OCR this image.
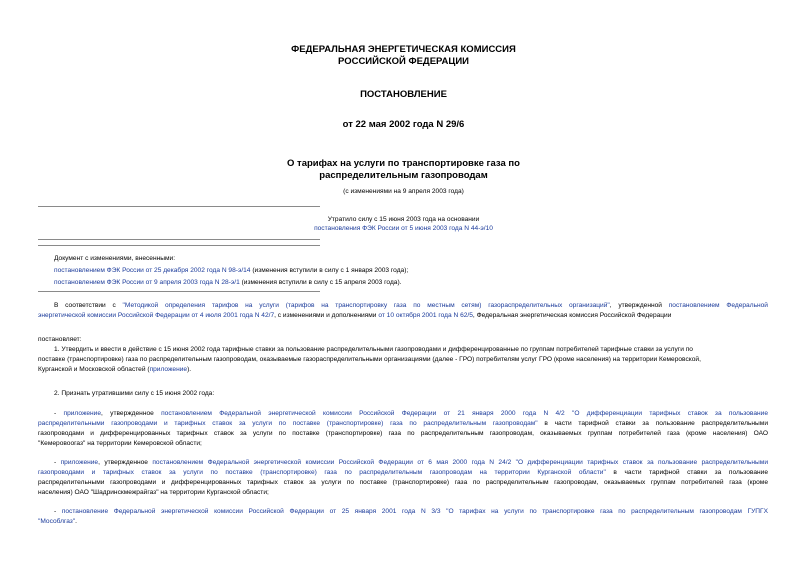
ФЕДЕРАЛЬНАЯ ЭНЕРГЕТИЧЕСКАЯ КОМИССИЯ
РОССИЙСКОЙ ФЕДЕРАЦИИ
ПОСТАНОВЛЕНИЕ
от 22 мая 2002 года N 29/6
О тарифах на услуги по транспортировке газа по
распределительным газопроводам
(с изменениями на 9 апреля 2003 года)
Утратило силу с 15 июня 2003 года на основании
постановления ФЭК России от 5 июня 2003 года N 44-э/10
Документ с изменениями, внесенными:
постановлением ФЭК России от 25 декабря 2002 года N 98-э/14 (изменения вступили в силу с 1 января 2003 года);
постановлением ФЭК России от 9 апреля 2003 года N 28-э/1 (изменения вступили в силу с 15 апреля 2003 года).
В соответствии с "Методикой определения тарифов на услуги (тарифов на транспортировку газа по местным сетям) газораспределительных организаций", утвержденной постановлением Федеральной
энергетической комиссии Российской Федерации от 4 июля 2001 года N 42/7, с изменениями и дополнениями от 10 октября 2001 года N 62/5, Федеральная энергетическая комиссия Российской Федерации
постановляет:
1. Утвердить и ввести в действие с 15 июня 2002 года тарифные ставки за пользование распределительными газопроводами и дифференцированные по группам потребителей тарифные ставки за услуги по
поставке (транспортировке) газа по распределительным газопроводам, оказываемые газораспределительными организациями (далее - ГРО) потребителям услуг ГРО (кроме населения) на территории Кемеровской,
Курганской и Московской областей (приложение).
2. Признать утратившими силу с 15 июня 2002 года:
- приложение, утвержденное постановлением Федеральной энергетической комиссии Российской Федерации от 21 января 2000 года N 4/2 "О дифференциации тарифных ставок за пользование
распределительными газопроводами и тарифных ставок за услуги по поставке (транспортировке) газа по распределительным газопроводам" в части тарифной ставки за пользование распределительными
газопроводами и дифференцированных тарифных ставок за услуги по поставке (транспортировке) газа по распределительным газопроводам, оказываемых группам потребителей газа (кроме населения) ОАО
"Кемеровоогаз" на территории Кемеровской области;
- приложение, утвержденное постановлением Федеральной энергетической комиссии Российской Федерации от 6 мая 2000 года N 24/2 "О дифференциации тарифных ставок за пользование распределительными
газопроводами и тарифных ставок за услуги по поставке (транспортировке) газа по распределительным газопроводам на территории Курганской области" в части тарифной ставки за пользование
распределительными газопроводами и дифференцированных тарифных ставок за услуги по поставке (транспортировке) газа по распределительным газопроводам, оказываемых группам потребителей газа (кроме
населения) ОАО "Шадринскмежрайгаз" на территории Курганской области;
- постановление Федеральной энергетической комиссии Российской Федерации от 25 января 2001 года N 3/3 "О тарифах на услуги по транспортировке газа по распределительным газопроводам ГУПГХ
"Мособлгаз".
